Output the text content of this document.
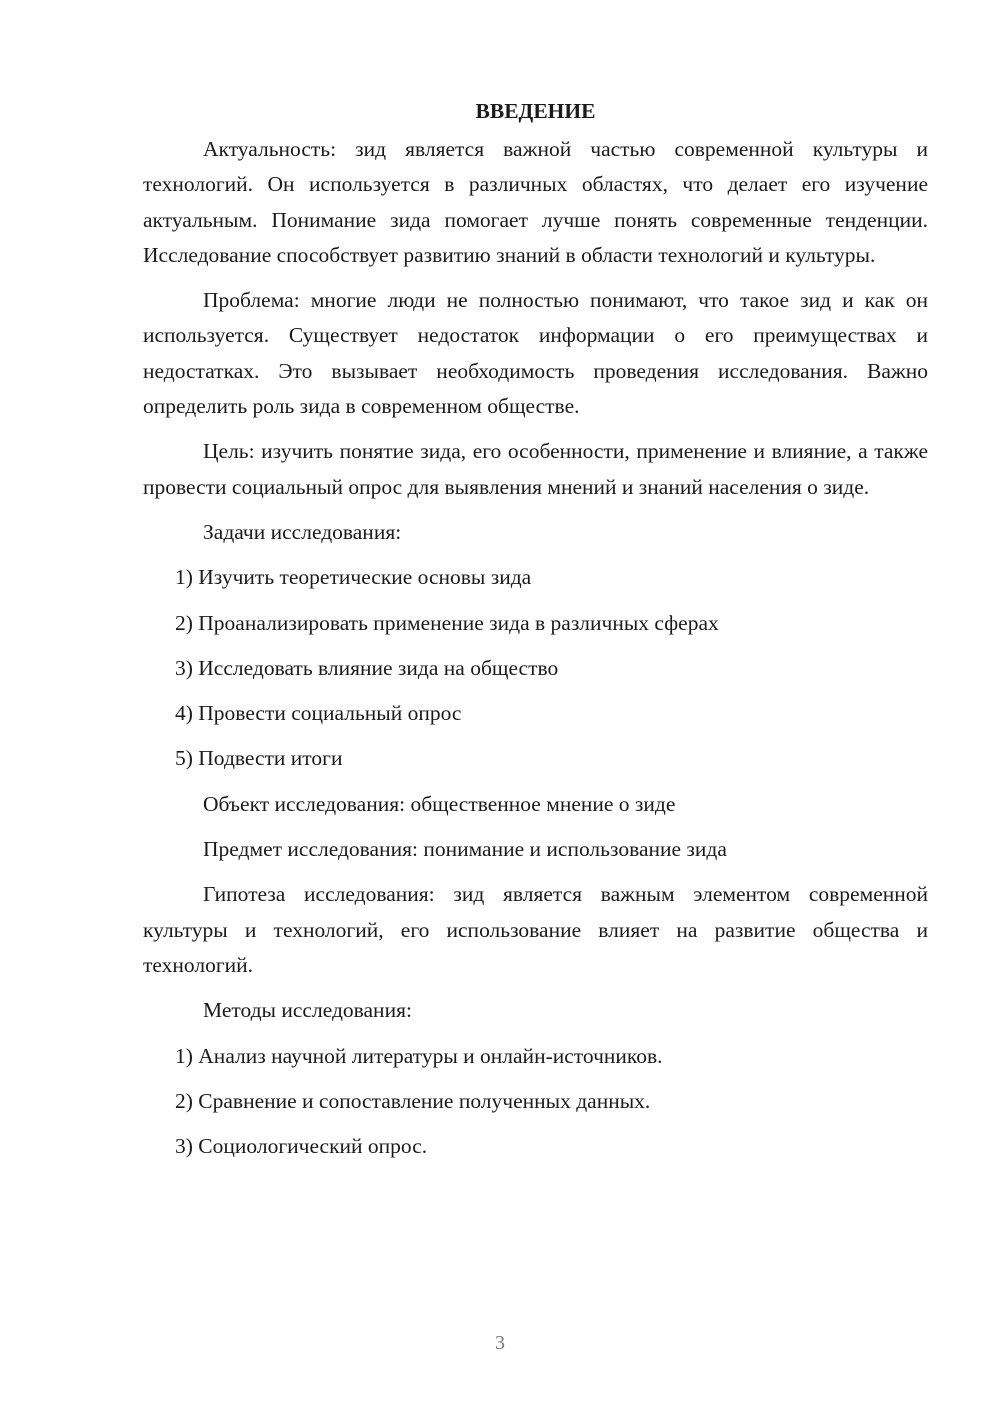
ВВЕДЕНИЕ

Актуальность: зид является важной частью современной культуры и технологий. Он используется в различных областях, что делает его изучение актуальным. Понимание зида помогает лучше понять современные тенденции. Исследование способствует развитию знаний в области технологий и культуры.

Проблема: многие люди не полностью понимают, что такое зид и как он используется. Существует недостаток информации о его преимуществах и недостатках. Это вызывает необходимость проведения исследования. Важно определить роль зида в современном обществе.

Цель: изучить понятие зида, его особенности, применение и влияние, а также провести социальный опрос для выявления мнений и знаний населения о зиде.

Задачи исследования:
1) Изучить теоретические основы зида
2) Проанализировать применение зида в различных сферах
3) Исследовать влияние зида на общество
4) Провести социальный опрос
5) Подвести итоги
Объект исследования: общественное мнение о зиде
Предмет исследования: понимание и использование зида

Гипотеза исследования: зид является важным элементом современной культуры и технологий, его использование влияет на развитие общества и технологий.

Методы исследования:
1) Анализ научной литературы и онлайн-источников.
2) Сравнение и сопоставление полученных данных.
3) Социологический опрос.
3
